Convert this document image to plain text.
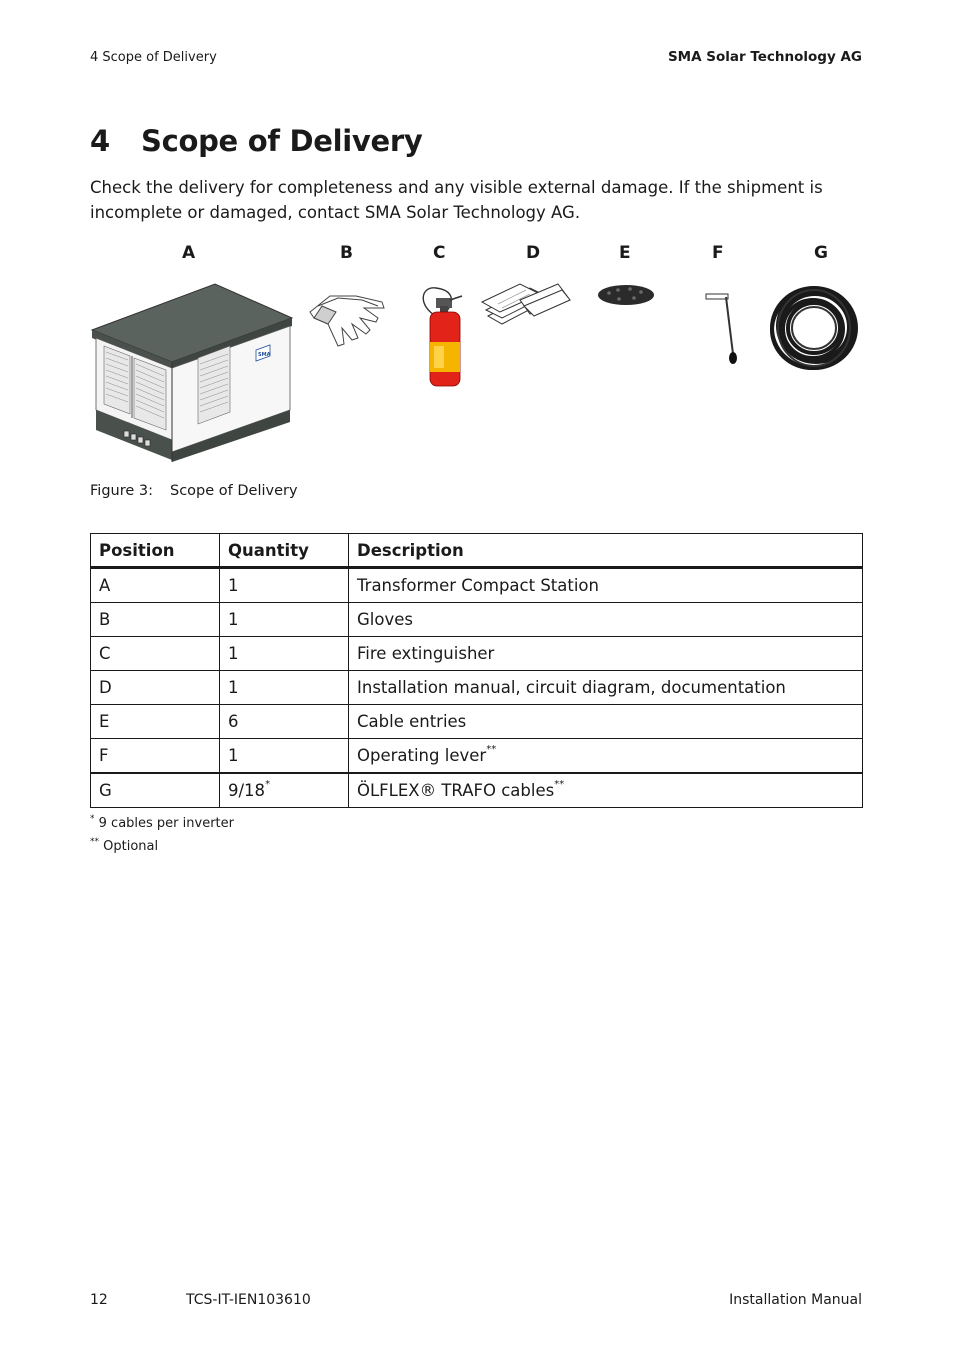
4 Scope of Delivery	SMA Solar Technology AG
4 Scope of Delivery

Check the delivery for completeness and any visible external damage. If the shipment is incomplete or damaged, contact SMA Solar Technology AG.

A	B	C	D	E	F	G
SMA
Figure 3: Scope of Delivery
Position	Quantity	Description
A	1	Transformer Compact Station
B	1	Gloves
C	1	Fire extinguisher
D	1	Installation manual, circuit diagram, documentation
E	6	Cable entries
F	1	Operating lever**
G	9/18*	ÖLFLEX® TRAFO cables**
* 9 cables per inverter
** Optional
12	TCS-IT-IEN103610	Installation Manual
